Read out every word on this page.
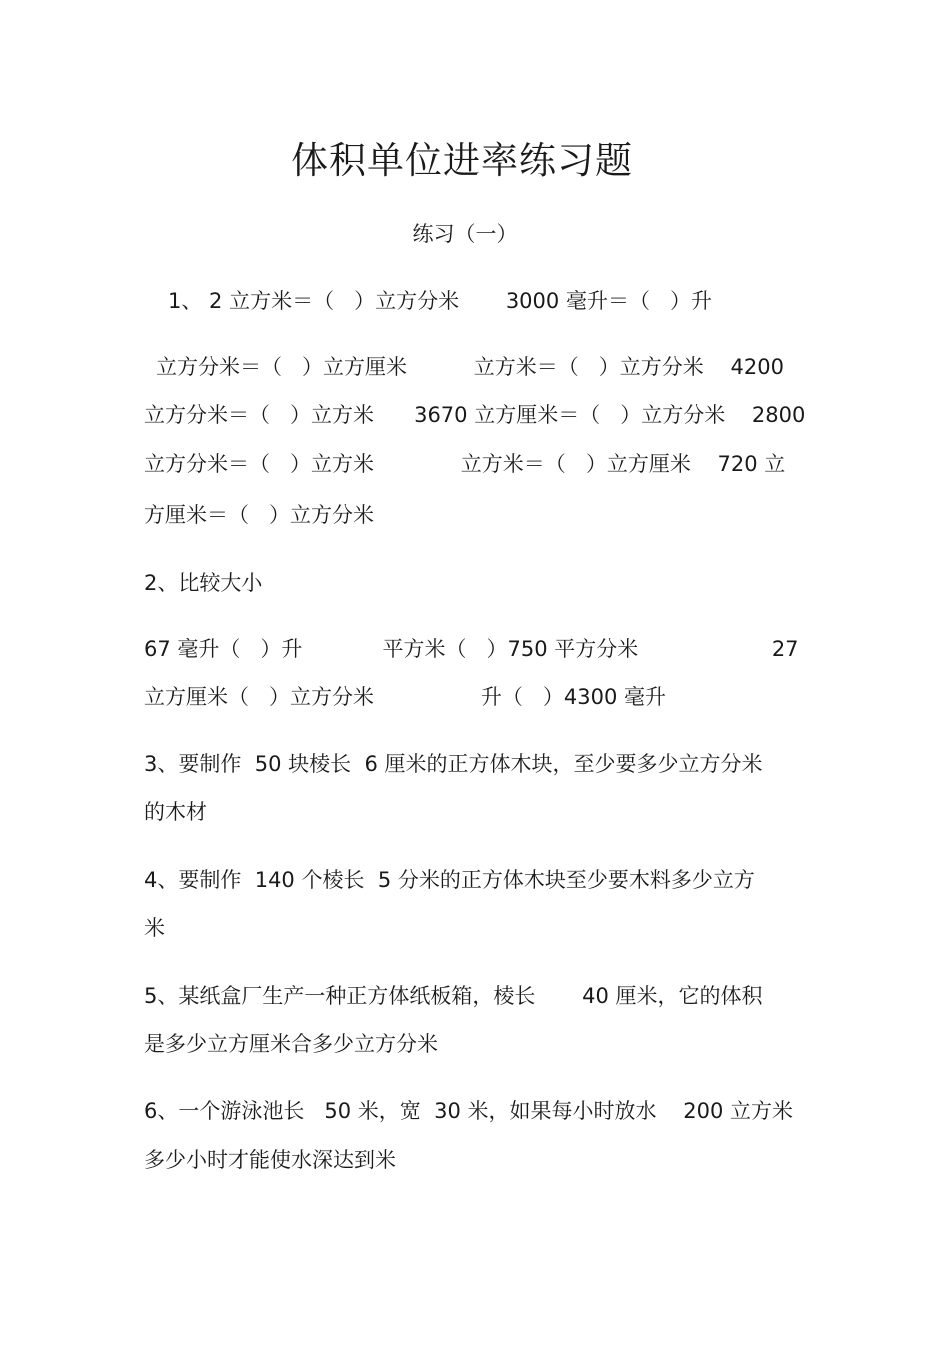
体积单位进率练习题
练习（一）
1、 2 立方米＝（   ）立方分米       3000 毫升＝（   ）升
立方分米＝（   ）立方厘米          立方米＝（   ）立方分米    4200
立方分米＝（   ）立方米      3670 立方厘米＝（   ）立方分米    2800
立方分米＝（   ）立方米             立方米＝（   ）立方厘米    720 立
方厘米＝（   ）立方分米
2、比较大小
67 毫升（   ）升            平方米（   ）750 平方分米                    27
立方厘米（   ）立方分米                升（   ）4300 毫升
3、要制作  50 块棱长  6 厘米的正方体木块，至少要多少立方分米
的木材
4、要制作  140 个棱长  5 分米的正方体木块至少要木料多少立方
米
5、某纸盒厂生产一种正方体纸板箱，棱长       40 厘米，它的体积
是多少立方厘米合多少立方分米
6、一个游泳池长   50 米，宽  30 米，如果每小时放水    200 立方米
多少小时才能使水深达到米
